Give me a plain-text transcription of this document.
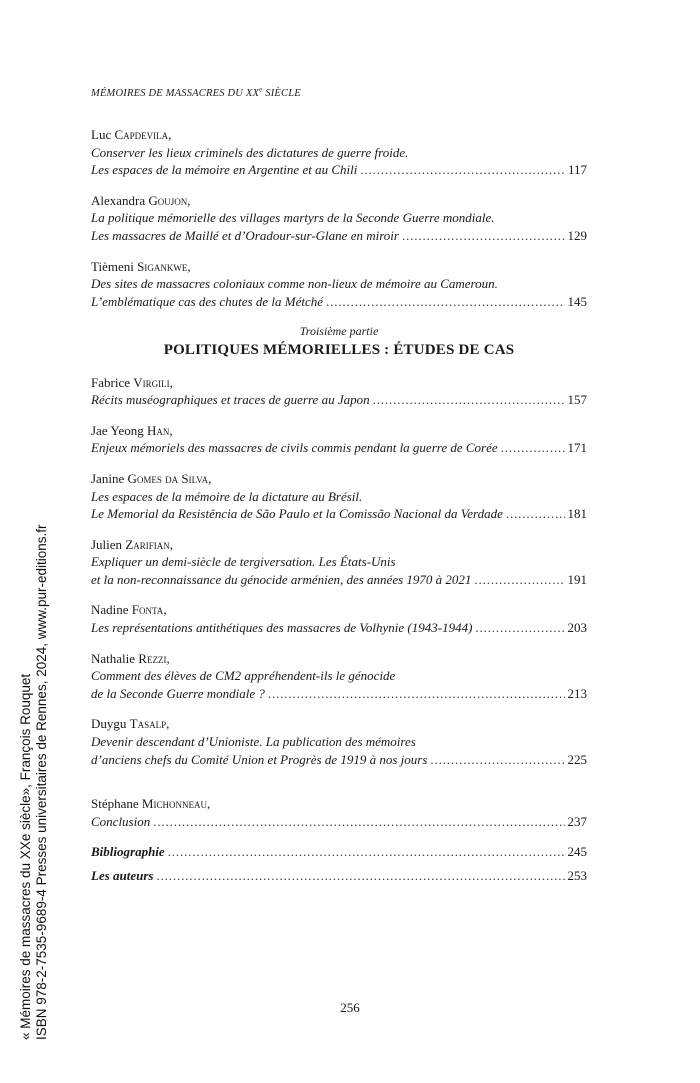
MÉMOIRES DE MASSACRES DU XXe SIÈCLE
Luc Capdevila,
Conserver les lieux criminels des dictatures de guerre froide.
Les espaces de la mémoire en Argentine et au Chili . . .	117
Alexandra Goujon,
La politique mémorielle des villages martyrs de la Seconde Guerre mondiale.
Les massacres de Maillé et d’Oradour-sur-Glane en miroir . . .	129
Tièmeni Sigankwe,
Des sites de massacres coloniaux comme non-lieux de mémoire au Cameroun.
L’emblématique cas des chutes de la Métché . . .	145
Troisième partie
POLITIQUES MÉMORIELLES : ÉTUDES DE CAS
Fabrice Virgili,
Récits muséographiques et traces de guerre au Japon . . .	157
Jae Yeong Han,
Enjeux mémoriels des massacres de civils commis pendant la guerre de Corée . . .	171
Janine Gomes da Silva,
Les espaces de la mémoire de la dictature au Brésil.
Le Memorial da Resistência de São Paulo et la Comissão Nacional da Verdade . . .	181
Julien Zarifian,
Expliquer un demi-siècle de tergiversation. Les États-Unis
et la non-reconnaissance du génocide arménien, des années 1970 à 2021 . . .	191
Nadine Fonta,
Les représentations antithétiques des massacres de Volhynie (1943-1944) . . .	203
Nathalie Rezzi,
Comment des élèves de CM2 appréhendent-ils le génocide
de la Seconde Guerre mondiale ? . . .	213
Duygu Tasalp,
Devenir descendant d’Unioniste. La publication des mémoires
d’anciens chefs du Comité Union et Progrès de 1919 à nos jours . . .	225
Stéphane Michonneau,
Conclusion . . .	237
Bibliographie . . .	245
Les auteurs . . .	253
256
« Mémoires de massacres du XXe siècle», François Rouquet ISBN 978-2-7535-9689-4 Presses universitaires de Rennes, 2024, www.pur-editions.fr
